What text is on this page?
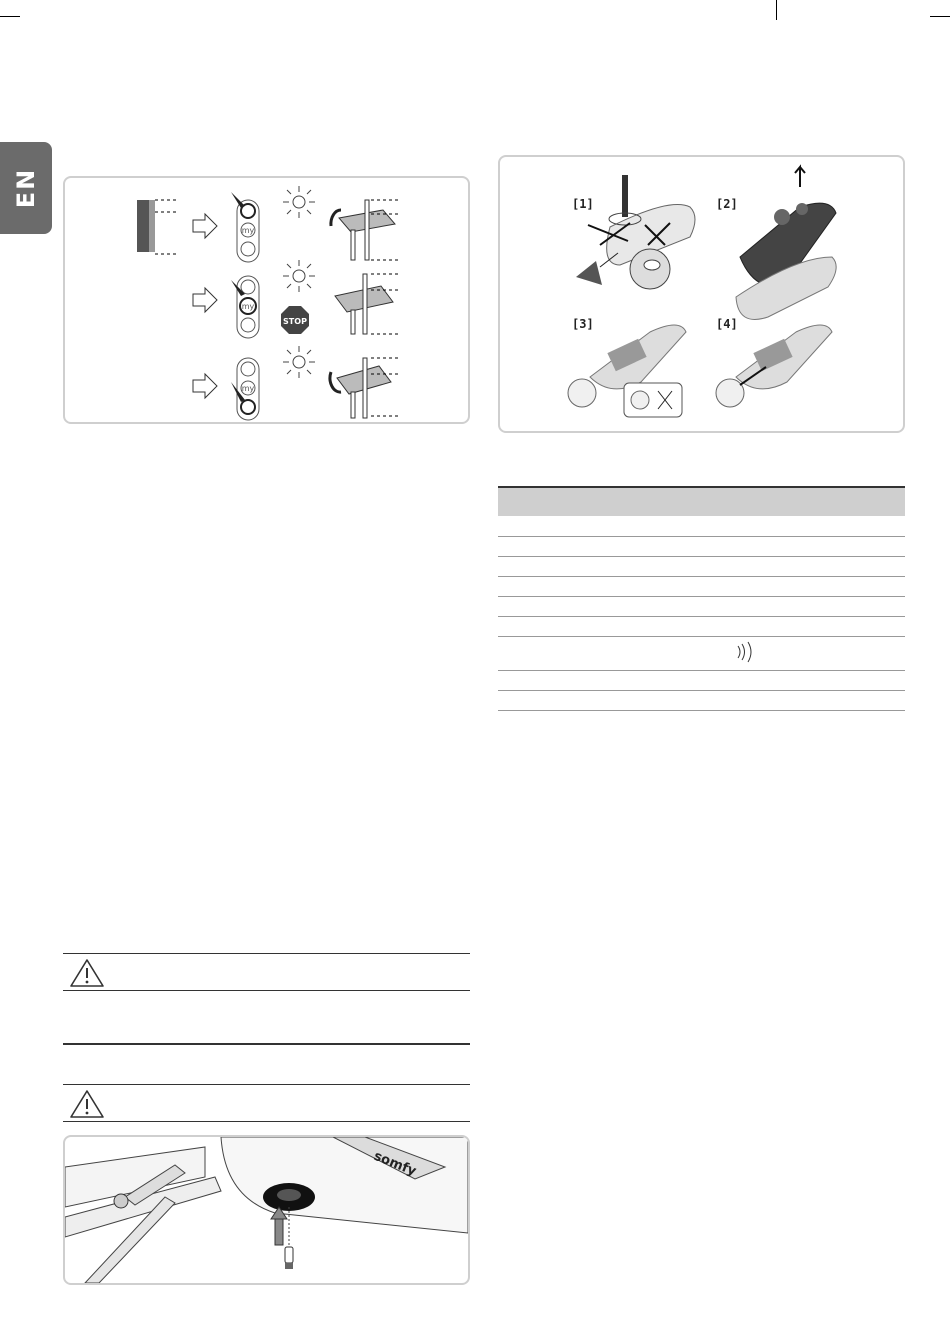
EN
my
my
my
STOP
[1]	[2]
[3]	[4]

somfy
